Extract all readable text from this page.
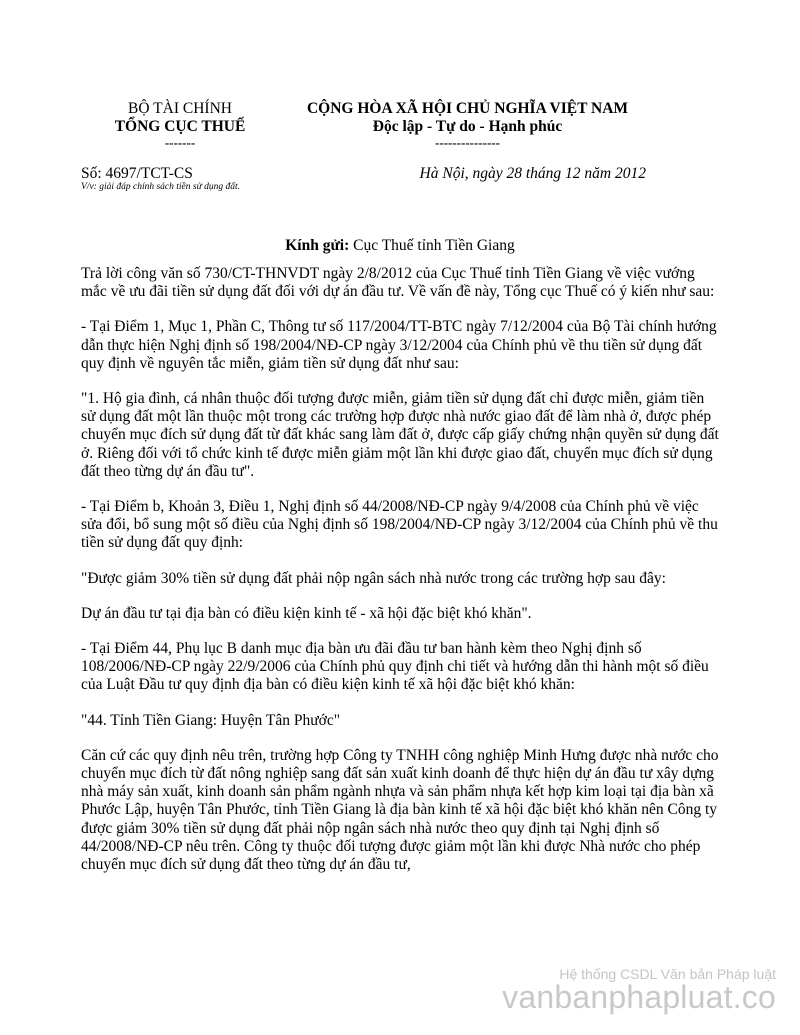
BỘ TÀI CHÍNH
TỔNG CỤC THUẾ
-------
CỘNG HÒA XÃ HỘI CHỦ NGHĨA VIỆT NAM
Độc lập - Tự do - Hạnh phúc
---------------
Số: 4697/TCT-CS
V/v: giải đáp chính sách tiền sử dụng đất.
Hà Nội, ngày 28 tháng 12 năm 2012
Kính gửi: Cục Thuế tỉnh Tiền Giang

Trả lời công văn số 730/CT-THNVDT ngày 2/8/2012 của Cục Thuế tỉnh Tiền Giang về việc vướng mắc về ưu đãi tiền sử dụng đất đối với dự án đầu tư. Về vấn đề này, Tổng cục Thuế có ý kiến như sau:

- Tại Điểm 1, Mục 1, Phần C, Thông tư số 117/2004/TT-BTC ngày 7/12/2004 của Bộ Tài chính hướng dẫn thực hiện Nghị định số 198/2004/NĐ-CP ngày 3/12/2004 của Chính phủ về thu tiền sử dụng đất quy định về nguyên tắc miễn, giảm tiền sử dụng đất như sau:

"1. Hộ gia đình, cá nhân thuộc đối tượng được miễn, giảm tiền sử dụng đất chỉ được miễn, giảm tiền sử dụng đất một lần thuộc một trong các trường hợp được nhà nước giao đất để làm nhà ở, được phép chuyển mục đích sử dụng đất từ đất khác sang làm đất ở, được cấp giấy chứng nhận quyền sử dụng đất ở. Riêng đối với tổ chức kinh tế được miễn giảm một lần khi được giao đất, chuyển mục đích sử dụng đất theo từng dự án đầu tư".

- Tại Điểm b, Khoản 3, Điều 1, Nghị định số 44/2008/NĐ-CP ngày 9/4/2008 của Chính phủ về việc sửa đổi, bổ sung một số điều của Nghị định số 198/2004/NĐ-CP ngày 3/12/2004 của Chính phủ về thu tiền sử dụng đất quy định:

"Được giảm 30% tiền sử dụng đất phải nộp ngân sách nhà nước trong các trường hợp sau đây:

Dự án đầu tư tại địa bàn có điều kiện kinh tế - xã hội đặc biệt khó khăn".

- Tại Điểm 44, Phụ lục B danh mục địa bàn ưu đãi đầu tư ban hành kèm theo Nghị định số 108/2006/NĐ-CP ngày 22/9/2006 của Chính phủ quy định chi tiết và hướng dẫn thi hành một số điều của Luật Đầu tư quy định địa bàn có điều kiện kinh tế xã hội đặc biệt khó khăn:

"44. Tỉnh Tiền Giang: Huyện Tân Phước"

Căn cứ các quy định nêu trên, trường hợp Công ty TNHH công nghiệp Minh Hưng được nhà nước cho chuyển mục đích từ đất nông nghiệp sang đất sản xuất kinh doanh để thực hiện dự án đầu tư xây dựng nhà máy sản xuất, kinh doanh sản phẩm ngành nhựa và sản phẩm nhựa kết hợp kim loại tại địa bàn xã Phước Lập, huyện Tân Phước, tỉnh Tiền Giang là địa bàn kinh tế xã hội đặc biệt khó khăn nên Công ty được giảm 30% tiền sử dụng đất phải nộp ngân sách nhà nước theo quy định tại Nghị định số 44/2008/NĐ-CP nêu trên. Công ty thuộc đối tượng được giảm một lần khi được Nhà nước cho phép chuyển mục đích sử dụng đất theo từng dự án đầu tư,

Hệ thống CSDL Văn bản Pháp luật
vanbanphapluat.co
